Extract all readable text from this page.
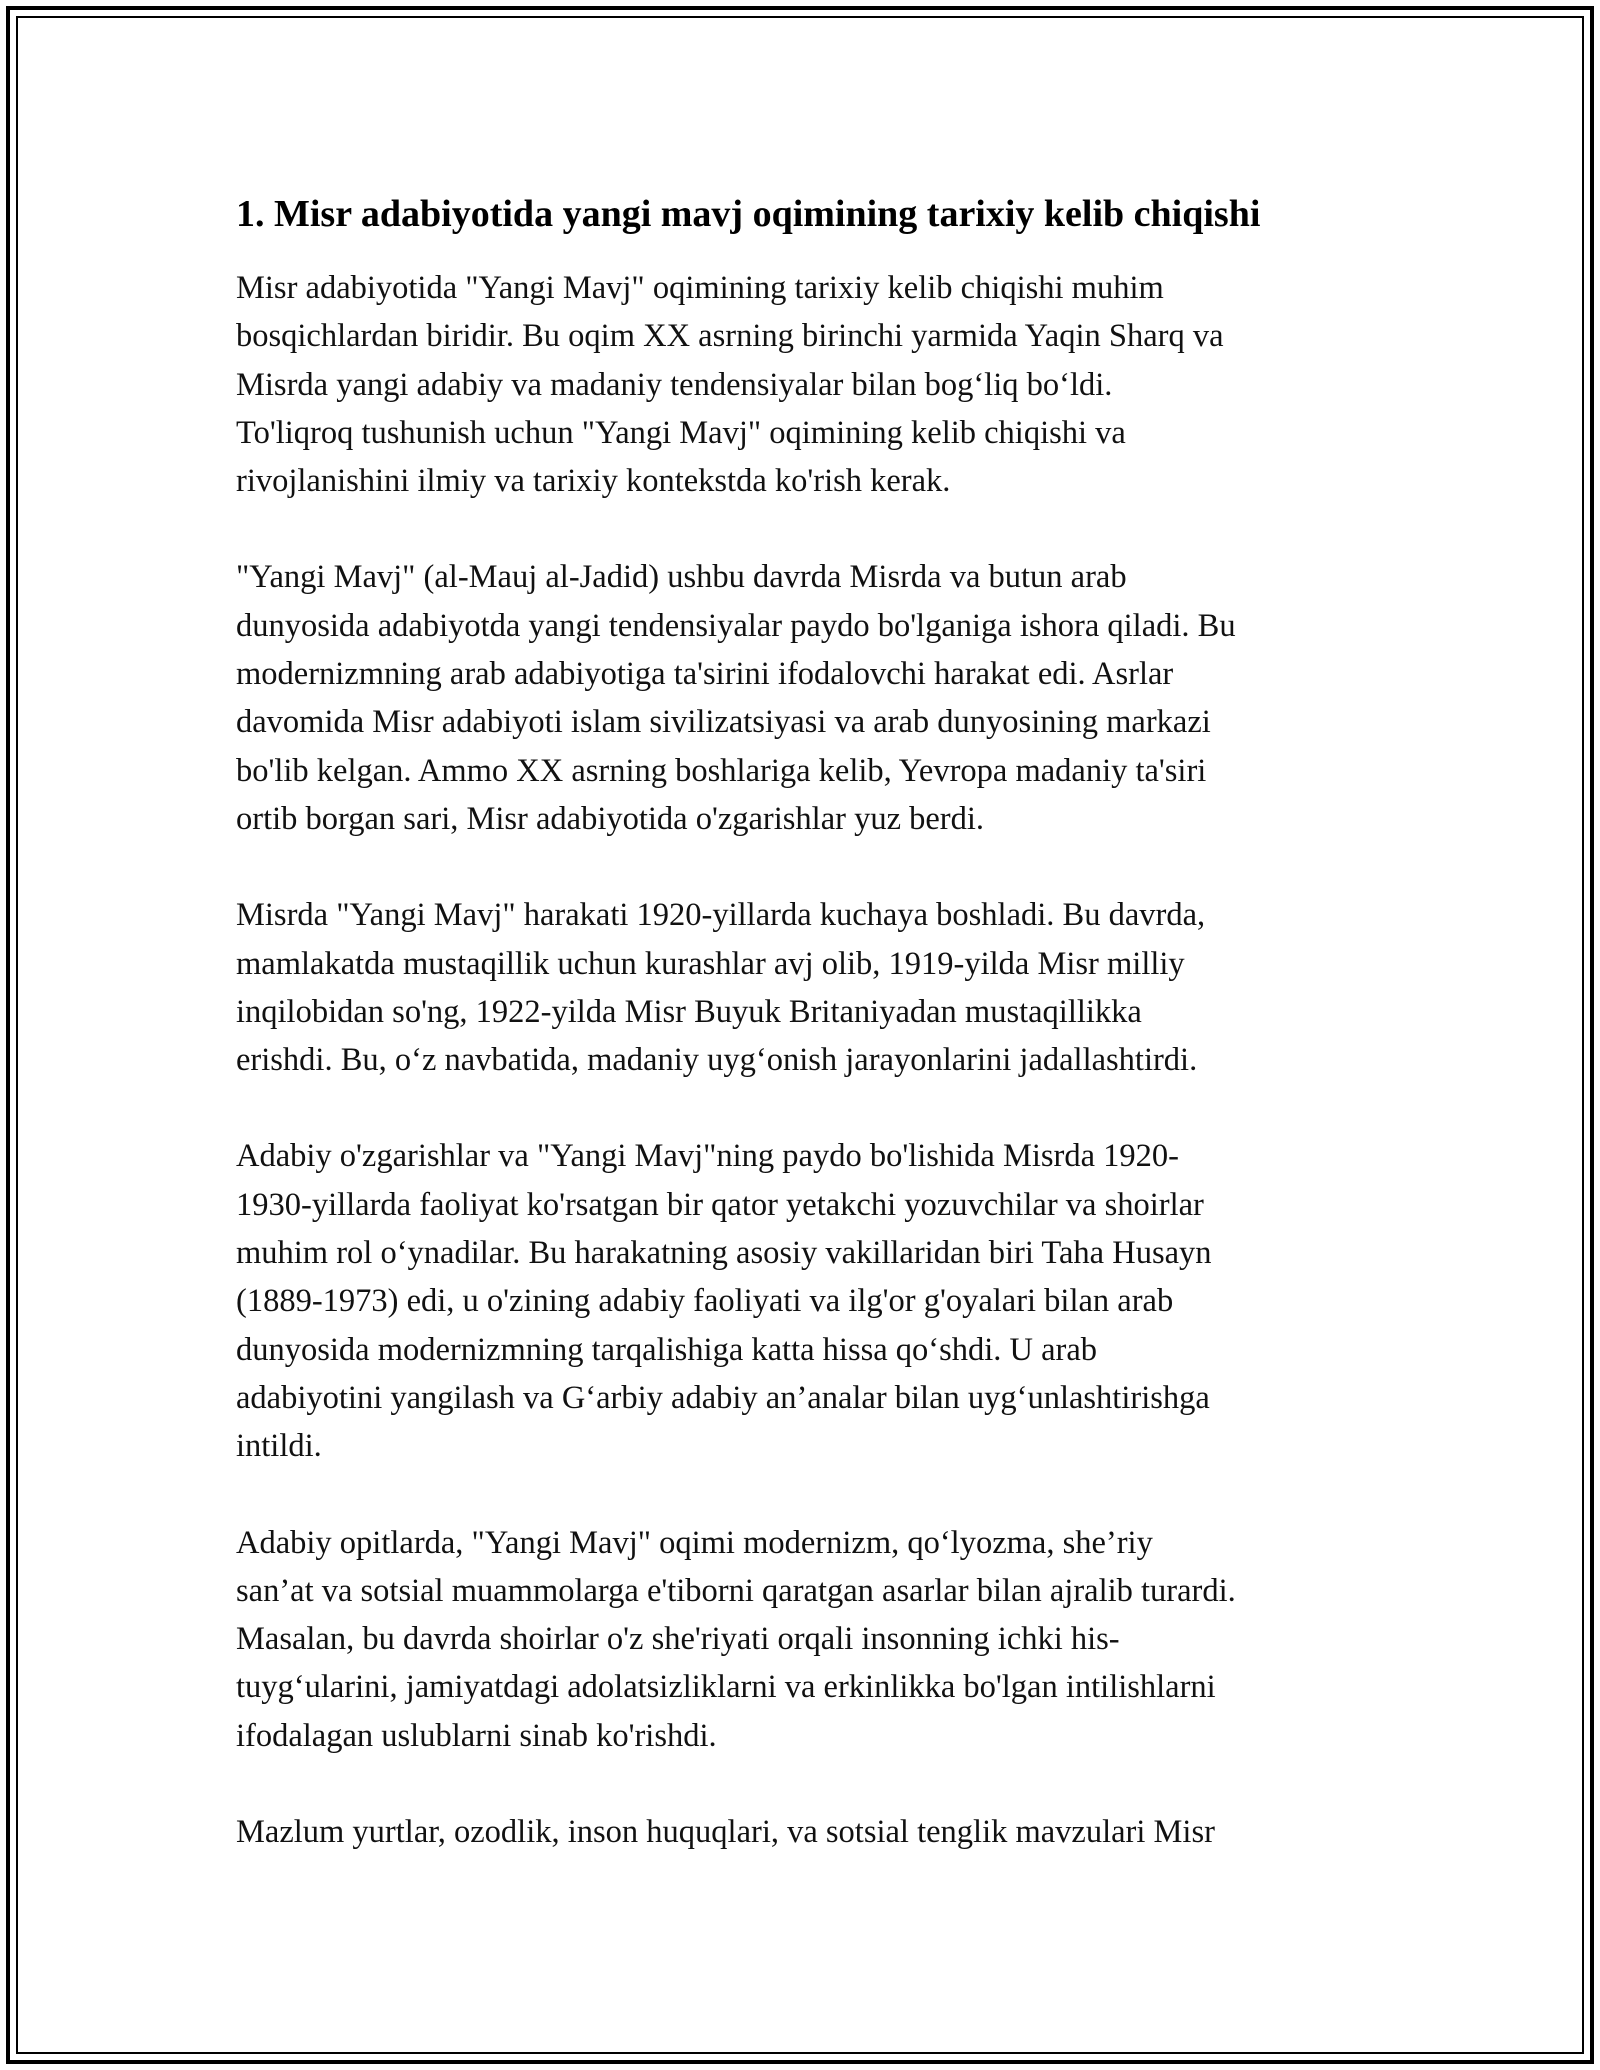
1. Misr adabiyotida yangi mavj oqimining tarixiy kelib chiqishi

Misr adabiyotida "Yangi Mavj" oqimining tarixiy kelib chiqishi muhim
bosqichlardan biridir. Bu oqim XX asrning birinchi yarmida Yaqin Sharq va
Misrda yangi adabiy va madaniy tendensiyalar bilan bog‘liq bo‘ldi.
To'liqroq tushunish uchun "Yangi Mavj" oqimining kelib chiqishi va
rivojlanishini ilmiy va tarixiy kontekstda ko'rish kerak.

"Yangi Mavj" (al-Mauj al-Jadid) ushbu davrda Misrda va butun arab
dunyosida adabiyotda yangi tendensiyalar paydo bo'lganiga ishora qiladi. Bu
modernizmning arab adabiyotiga ta'sirini ifodalovchi harakat edi. Asrlar
davomida Misr adabiyoti islam sivilizatsiyasi va arab dunyosining markazi
bo'lib kelgan. Ammo XX asrning boshlariga kelib, Yevropa madaniy ta'siri
ortib borgan sari, Misr adabiyotida o'zgarishlar yuz berdi.

Misrda "Yangi Mavj" harakati 1920-yillarda kuchaya boshladi. Bu davrda,
mamlakatda mustaqillik uchun kurashlar avj olib, 1919-yilda Misr milliy
inqilobidan so'ng, 1922-yilda Misr Buyuk Britaniyadan mustaqillikka
erishdi. Bu, o‘z navbatida, madaniy uyg‘onish jarayonlarini jadallashtirdi.

Adabiy o'zgarishlar va "Yangi Mavj"ning paydo bo'lishida Misrda 1920-
1930-yillarda faoliyat ko'rsatgan bir qator yetakchi yozuvchilar va shoirlar
muhim rol o‘ynadilar. Bu harakatning asosiy vakillaridan biri Taha Husayn
(1889-1973) edi, u o'zining adabiy faoliyati va ilg'or g'oyalari bilan arab
dunyosida modernizmning tarqalishiga katta hissa qo‘shdi. U arab
adabiyotini yangilash va G‘arbiy adabiy an’analar bilan uyg‘unlashtirishga
intildi.

Adabiy opitlarda, "Yangi Mavj" oqimi modernizm, qo‘lyozma, she’riy
san’at va sotsial muammolarga e'tiborni qaratgan asarlar bilan ajralib turardi.
Masalan, bu davrda shoirlar o'z she'riyati orqali insonning ichki his-
tuyg‘ularini, jamiyatdagi adolatsizliklarni va erkinlikka bo'lgan intilishlarni
ifodalagan uslublarni sinab ko'rishdi.

Mazlum yurtlar, ozodlik, inson huquqlari, va sotsial tenglik mavzulari Misr
